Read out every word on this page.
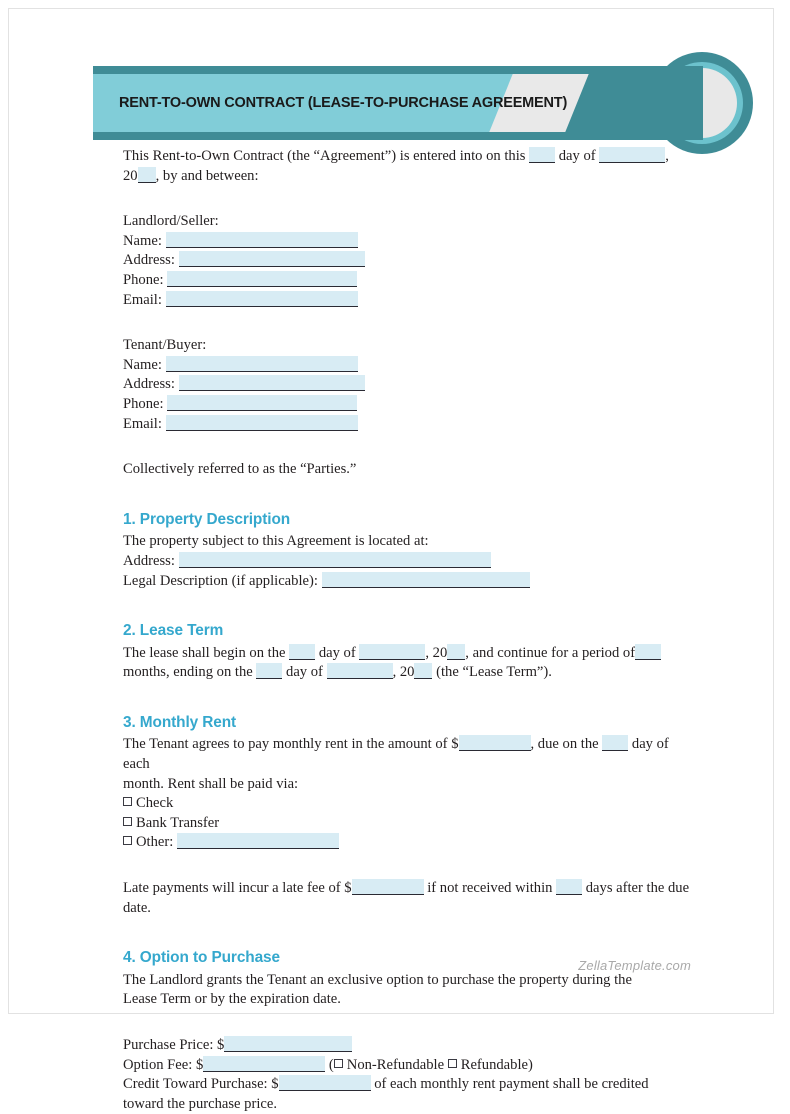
RENT-TO-OWN CONTRACT (LEASE-TO-PURCHASE AGREEMENT)
This Rent-to-Own Contract (the “Agreement”) is entered into on this day of	,
20 , by and between:
Landlord/Seller:
Name:
Address:
Phone:
Email:
Tenant/Buyer:
Name:
Address:
Phone:
Email:
Collectively referred to as the “Parties.”
1. Property Description
The property subject to this Agreement is located at:
Address:
Legal Description (if applicable):
2. Lease Term
The lease shall begin on the day of	, 20 , and continue for a period of
months, ending on the day of	, 20 (the “Lease Term”).
3. Monthly Rent
The Tenant agrees to pay monthly rent in the amount of $	, due on the day of each
month. Rent shall be paid via:
Check
Bank Transfer
Other:
Late payments will incur a late fee of $	if not received within days after the due
date.
4. Option to Purchase
The Landlord grants the Tenant an exclusive option to purchase the property during the
Lease Term or by the expiration date.
Purchase Price: $
Option Fee: $	( Non-Refundable Refundable)
Credit Toward Purchase: $	of each monthly rent payment shall be credited
toward the purchase price.
ZellaTemplate.com
